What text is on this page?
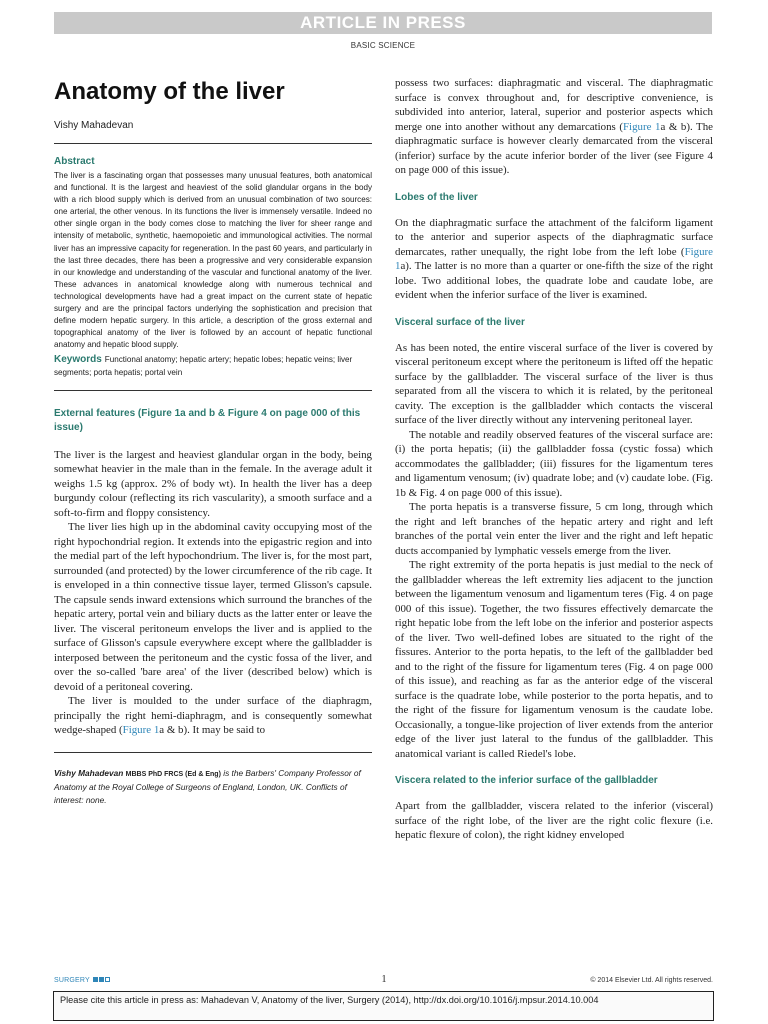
ARTICLE IN PRESS
BASIC SCIENCE
Anatomy of the liver
Vishy Mahadevan
Abstract

The liver is a fascinating organ that possesses many unusual features, both anatomical and functional. It is the largest and heaviest of the solid glandular organs in the body with a rich blood supply which is derived from an unusual combination of two sources: one arterial, the other venous. In its functions the liver is immensely versatile. Indeed no other single organ in the body comes close to matching the liver for sheer range and intensity of metabolic, synthetic, haemopoietic and immunological activities. The normal liver has an impressive capacity for regeneration. In the past 60 years, and particularly in the last three decades, there has been a progressive and very considerable expansion in our knowledge and understanding of the vascular and functional anatomy of the liver. These advances in anatomical knowledge along with numerous technical and technological developments have had a great impact on the current state of hepatic surgery and are the principal factors underlying the sophistication and precision that define modern hepatic surgery. In this article, a description of the gross external and topographical anatomy of the liver is followed by an account of hepatic functional anatomy and hepatic blood supply.

Keywords Functional anatomy; hepatic artery; hepatic lobes; hepatic veins; liver segments; porta hepatis; portal vein

External features (Figure 1a and b & Figure 4 on page 000 of this issue)

The liver is the largest and heaviest glandular organ in the body, being somewhat heavier in the male than in the female. In the average adult it weighs 1.5 kg (approx. 2% of body wt). In health the liver has a deep burgundy colour (reflecting its rich vascularity), a smooth surface and a soft-to-firm and floppy consistency.

The liver lies high up in the abdominal cavity occupying most of the right hypochondrial region. It extends into the epigastric region and into the medial part of the left hypochondrium. The liver is, for the most part, surrounded (and protected) by the lower circumference of the rib cage. It is enveloped in a thin connective tissue layer, termed Glisson's capsule. The capsule sends inward extensions which surround the branches of the hepatic artery, portal vein and biliary ducts as the latter enter or leave the liver. The visceral peritoneum envelops the liver and is applied to the surface of Glisson's capsule everywhere except where the gallbladder is interposed between the peritoneum and the cystic fossa of the liver, and over the so-called 'bare area' of the liver (described below) which is devoid of a peritoneal covering.

The liver is moulded to the under surface of the diaphragm, principally the right hemi-diaphragm, and is consequently somewhat wedge-shaped (Figure 1a & b). It may be said to

Vishy Mahadevan MBBS PhD FRCS (Ed & Eng) is the Barbers' Company Professor of Anatomy at the Royal College of Surgeons of England, London, UK. Conflicts of interest: none.

possess two surfaces: diaphragmatic and visceral. The diaphragmatic surface is convex throughout and, for descriptive convenience, is subdivided into anterior, lateral, superior and posterior aspects which merge one into another without any demarcations (Figure 1a & b). The diaphragmatic surface is however clearly demarcated from the visceral (inferior) surface by the acute inferior border of the liver (see Figure 4 on page 000 of this issue).

Lobes of the liver

On the diaphragmatic surface the attachment of the falciform ligament to the anterior and superior aspects of the diaphragmatic surface demarcates, rather unequally, the right lobe from the left lobe (Figure 1a). The latter is no more than a quarter or one-fifth the size of the right lobe. Two additional lobes, the quadrate lobe and caudate lobe, are evident when the inferior surface of the liver is examined.

Visceral surface of the liver

As has been noted, the entire visceral surface of the liver is covered by visceral peritoneum except where the peritoneum is lifted off the hepatic surface by the gallbladder. The visceral surface of the liver is thus separated from all the viscera to which it is related, by the peritoneal cavity. The exception is the gallbladder which contacts the visceral surface of the liver directly without any intervening peritoneal layer.

The notable and readily observed features of the visceral surface are: (i) the porta hepatis; (ii) the gallbladder fossa (cystic fossa) which accommodates the gallbladder; (iii) fissures for the ligamentum teres and ligamentum venosum; (iv) quadrate lobe; and (v) caudate lobe. (Fig. 1b & Fig. 4 on page 000 of this issue).

The porta hepatis is a transverse fissure, 5 cm long, through which the right and left branches of the hepatic artery and right and left branches of the portal vein enter the liver and the right and left hepatic ducts accompanied by lymphatic vessels emerge from the liver.

The right extremity of the porta hepatis is just medial to the neck of the gallbladder whereas the left extremity lies adjacent to the junction between the ligamentum venosum and ligamentum teres (Fig. 4 on page 000 of this issue). Together, the two fissures effectively demarcate the right hepatic lobe from the left lobe on the inferior and posterior aspects of the liver. Two well-defined lobes are situated to the right of the fissures. Anterior to the porta hepatis, to the left of the gallbladder bed and to the right of the fissure for ligamentum teres (Fig. 4 on page 000 of this issue), and reaching as far as the anterior edge of the visceral surface is the quadrate lobe, while posterior to the porta hepatis, and to the right of the fissure for ligamentum venosum is the caudate lobe. Occasionally, a tongue-like projection of liver extends from the anterior edge of the liver just lateral to the fundus of the gallbladder. This anatomical variant is called Riedel's lobe.

Viscera related to the inferior surface of the gallbladder

Apart from the gallbladder, viscera related to the inferior (visceral) surface of the right lobe, of the liver are the right colic flexure (i.e. hepatic flexure of colon), the right kidney enveloped

SURGERY	1	© 2014 Elsevier Ltd. All rights reserved.
Please cite this article in press as: Mahadevan V, Anatomy of the liver, Surgery (2014), http://dx.doi.org/10.1016/j.mpsur.2014.10.004
